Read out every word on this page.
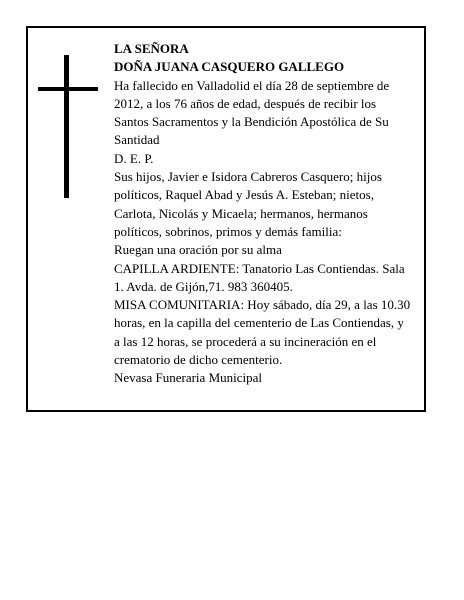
LA SEÑORA

DOÑA JUANA CASQUERO GALLEGO

Ha fallecido en Valladolid el día 28 de septiembre de 2012, a los 76 años de edad, después de recibir los Santos Sacramentos y la Bendición Apostólica de Su Santidad

D. E. P.

Sus hijos, Javier e Isidora Cabreros Casquero; hijos políticos, Raquel Abad y Jesús A. Esteban; nietos, Carlota, Nicolás y Micaela; hermanos, hermanos políticos, sobrinos, primos y demás familia:

Ruegan una oración por su alma

CAPILLA ARDIENTE: Tanatorio Las Contiendas. Sala 1. Avda. de Gijón,71. 983 360405.

MISA COMUNITARIA: Hoy sábado, día 29, a las 10.30 horas, en la capilla del cementerio de Las Contiendas, y a las 12 horas, se procederá a su incineración en el crematorio de dicho cementerio.

Nevasa Funeraria Municipal
